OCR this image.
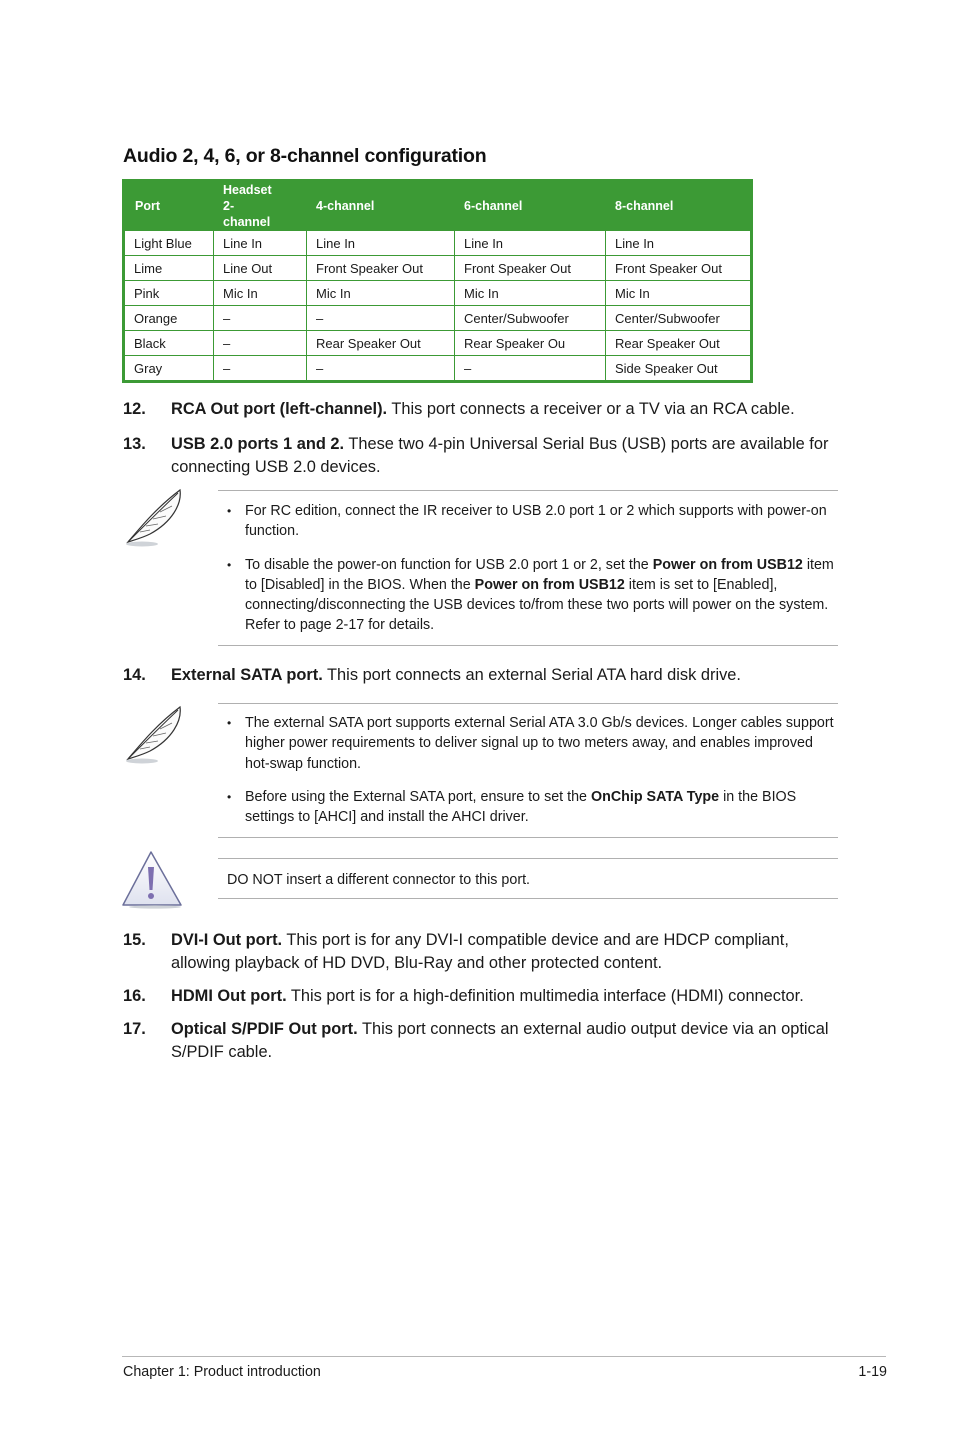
Audio 2, 4, 6, or 8-channel configuration
Port	Headset 2-channel	4-channel	6-channel	8-channel
Light Blue	Line In	Line In	Line In	Line In
Lime	Line Out	Front Speaker Out	Front Speaker Out	Front Speaker Out
Pink	Mic In	Mic In	Mic In	Mic In
Orange	–	–	Center/Subwoofer	Center/Subwoofer
Black	–	Rear Speaker Out	Rear Speaker Ou	Rear Speaker Out
Gray	–	–	–	Side Speaker Out
12. RCA Out port (left-channel). This port connects a receiver or a TV via an RCA cable.
13. USB 2.0 ports 1 and 2. These two 4-pin Universal Serial Bus (USB) ports are available for connecting USB 2.0 devices.
• For RC edition, connect the IR receiver to USB 2.0 port 1 or 2 which supports with power-on function.
• To disable the power-on function for USB 2.0 port 1 or 2, set the Power on from USB12 item to [Disabled] in the BIOS. When the Power on from USB12 item is set to [Enabled], connecting/disconnecting the USB devices to/from these two ports will power on the system. Refer to page 2-17 for details.
14. External SATA port. This port connects an external Serial ATA hard disk drive.
• The external SATA port supports external Serial ATA 3.0 Gb/s devices. Longer cables support higher power requirements to deliver signal up to two meters away, and enables improved hot-swap function.
• Before using the External SATA port, ensure to set the OnChip SATA Type in the BIOS settings to [AHCI] and install the AHCI driver.
DO NOT insert a different connector to this port.
15. DVI-I Out port. This port is for any DVI-I compatible device and are HDCP compliant, allowing playback of HD DVD, Blu-Ray and other protected content.
16. HDMI Out port. This port is for a high-definition multimedia interface (HDMI) connector.
17. Optical S/PDIF Out port. This port connects an external audio output device via an optical S/PDIF cable.
Chapter 1: Product introduction	1-19
